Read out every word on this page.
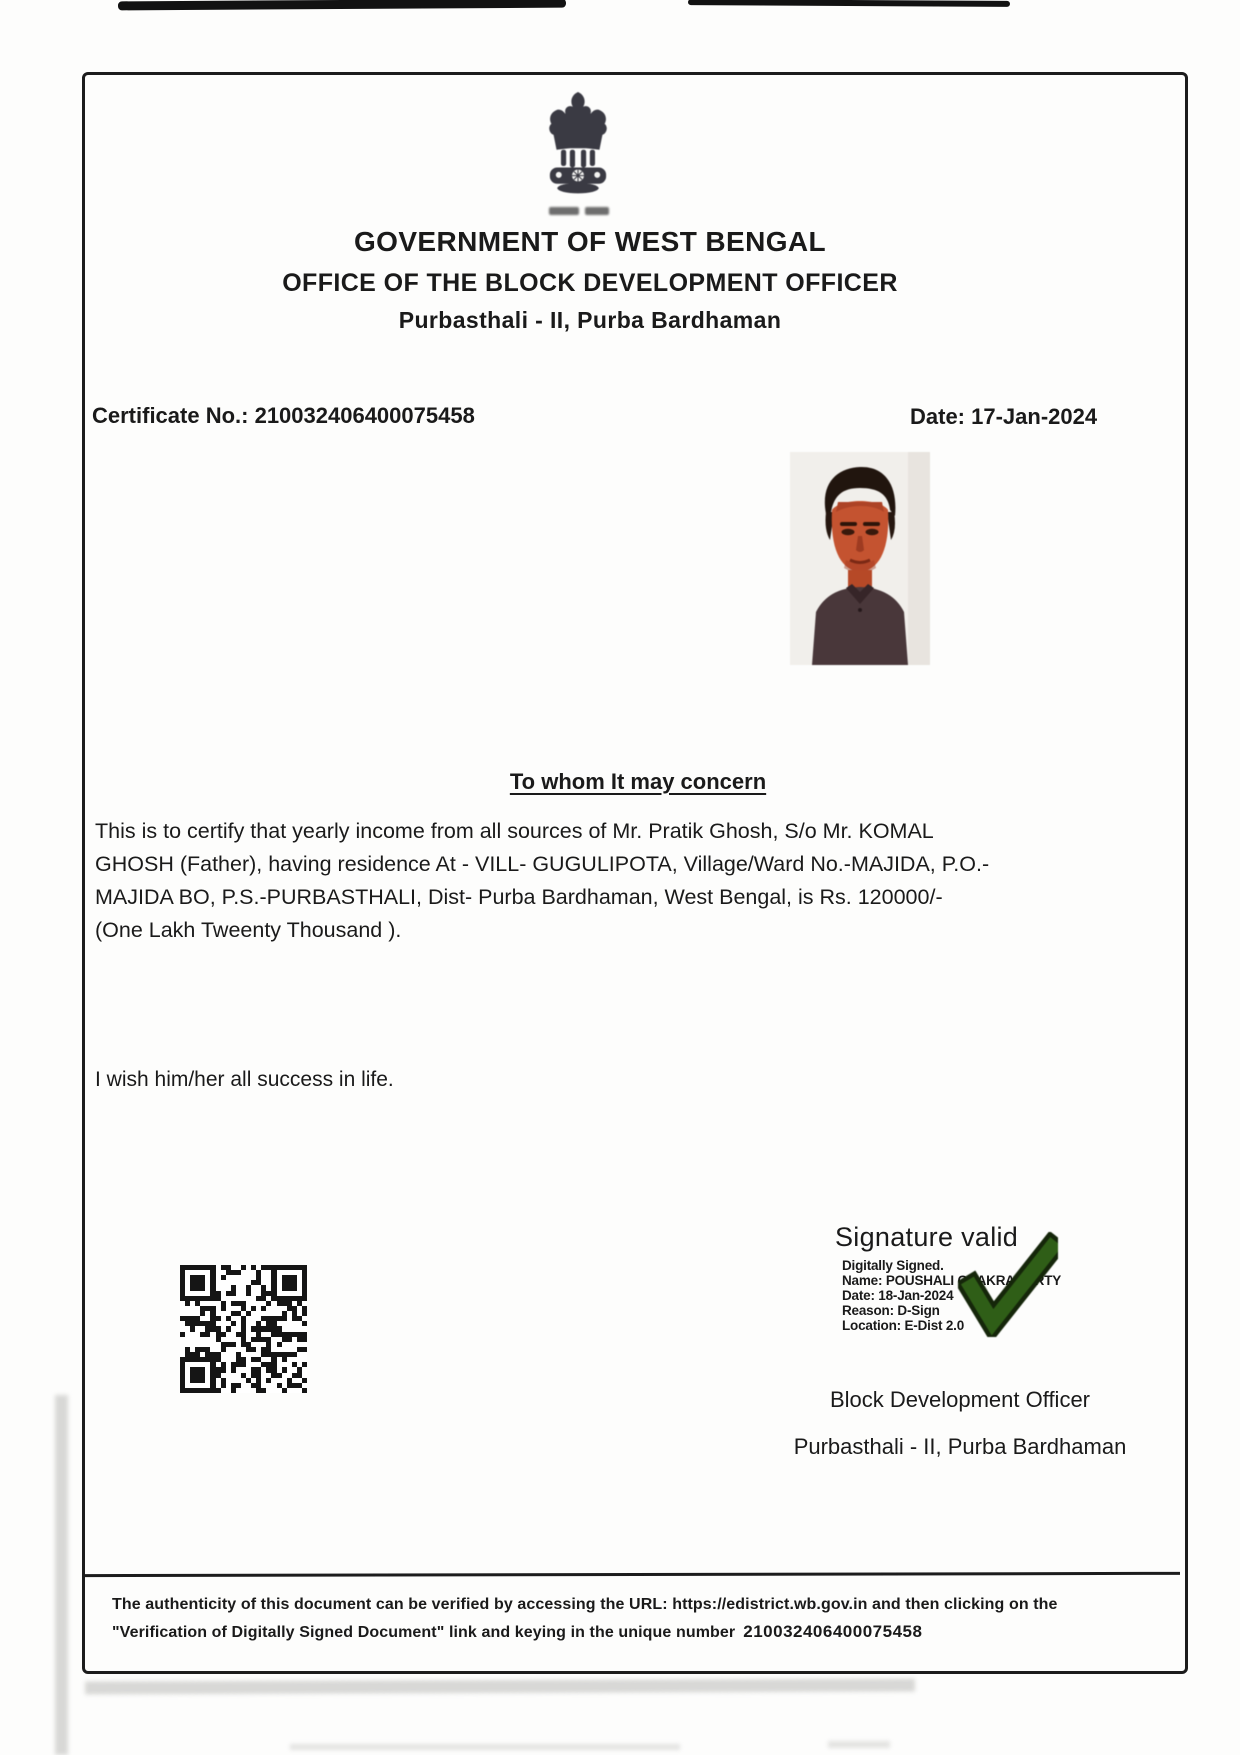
GOVERNMENT OF WEST BENGAL
OFFICE OF THE BLOCK DEVELOPMENT OFFICER
Purbasthali - II, Purba Bardhaman
Certificate No.: 210032406400075458	Date: 17-Jan-2024
To whom It may concern
This is to certify that yearly income from all sources of Mr. Pratik Ghosh, S/o Mr. KOMAL
GHOSH (Father), having residence At - VILL- GUGULIPOTA, Village/Ward No.-MAJIDA, P.O.-
MAJIDA BO, P.S.-PURBASTHALI, Dist- Purba Bardhaman, West Bengal, is Rs. 120000/-
(One Lakh Tweenty Thousand ).
I wish him/her all success in life.
Signature valid
Digitally Signed.
Name: POUSHALI CHAKRABORTY
Date: 18-Jan-2024
Reason: D-Sign
Location: E-Dist 2.0
Block Development Officer
Purbasthali - II, Purba Bardhaman
The authenticity of this document can be verified by accessing the URL: https://edistrict.wb.gov.in and then clicking on the
"Verification of Digitally Signed Document" link and keying in the unique number 210032406400075458
